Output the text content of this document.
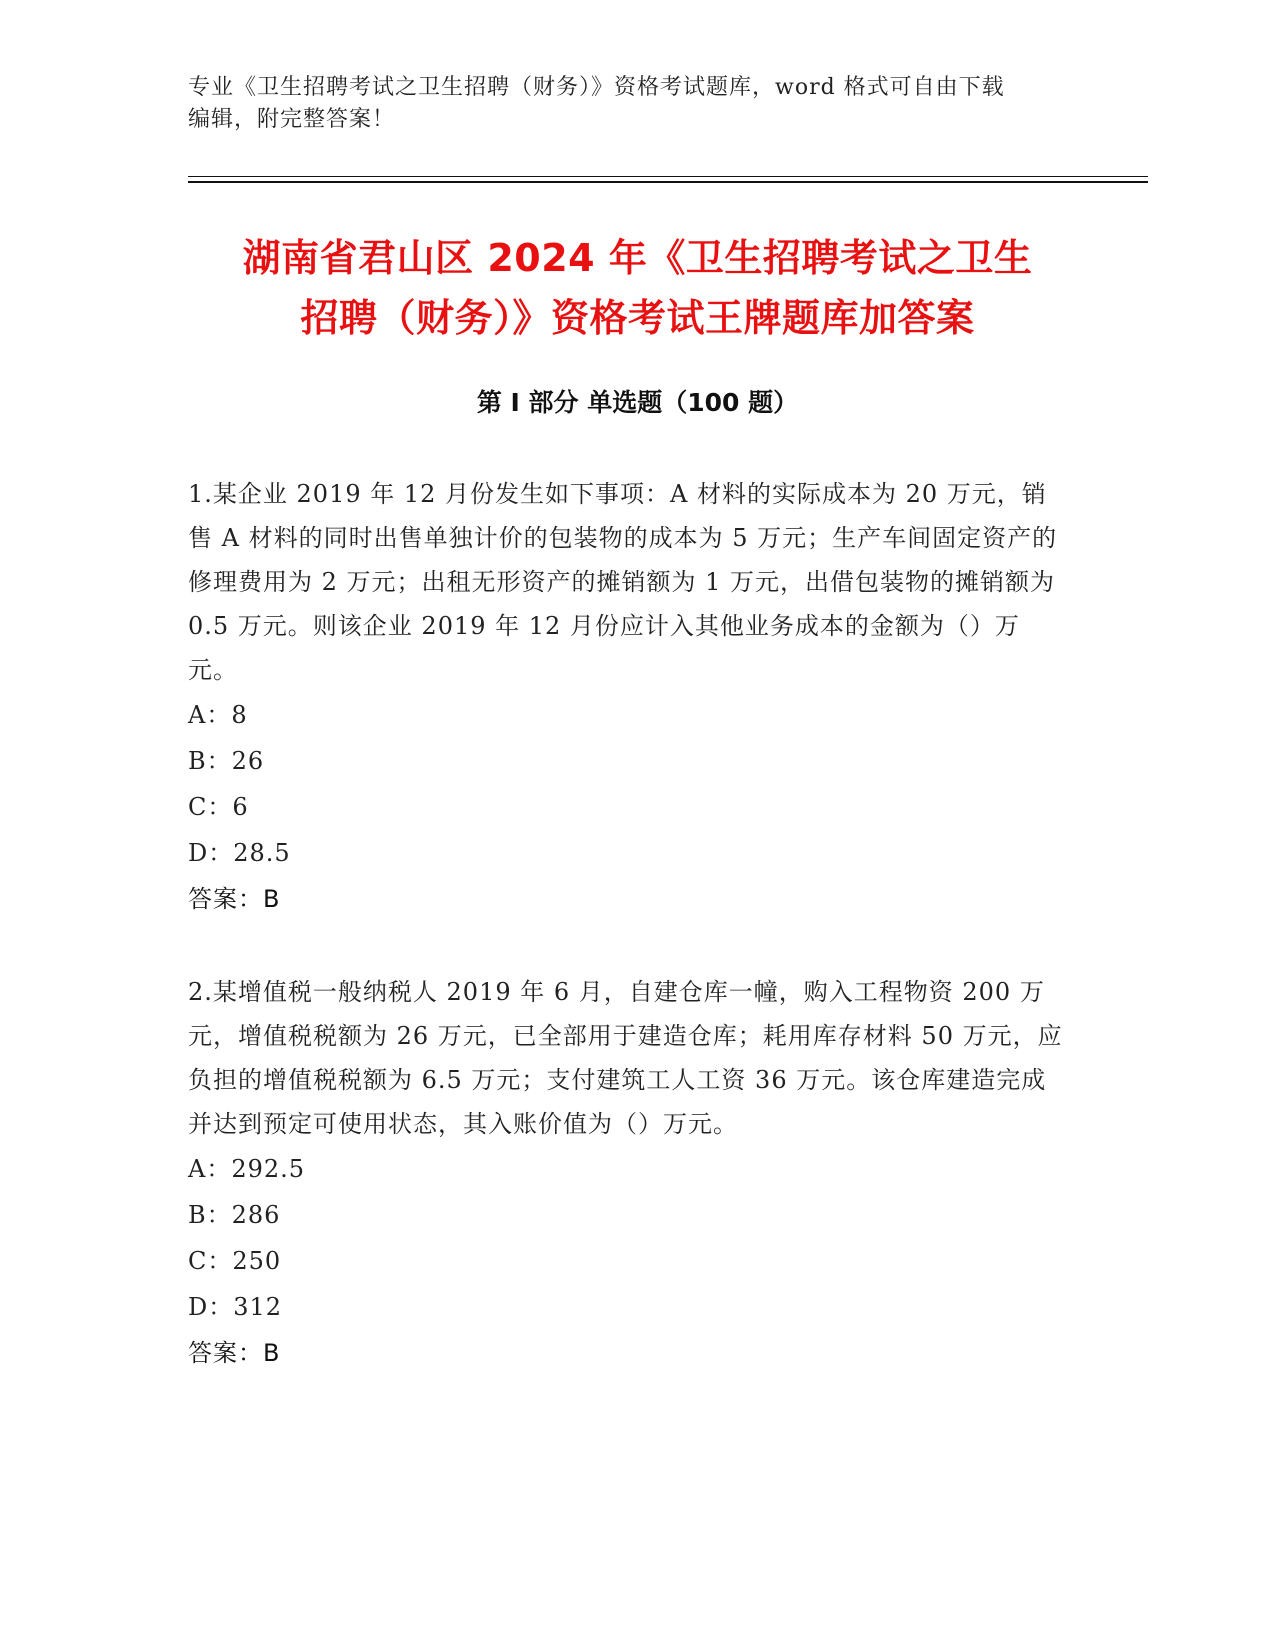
专业《卫生招聘考试之卫生招聘（财务）》资格考试题库，word 格式可自由下载
编辑，附完整答案！
湖南省君山区 2024 年《卫生招聘考试之卫生
招聘（财务）》资格考试王牌题库加答案
第 I 部分 单选题（100 题）

1.某企业 2019 年 12 月份发生如下事项：A 材料的实际成本为 20 万元，销售 A 材料的同时出售单独计价的包装物的成本为 5 万元；生产车间固定资产的修理费用为 2 万元；出租无形资产的摊销额为 1 万元，出借包装物的摊销额为 0.5 万元。则该企业 2019 年 12 月份应计入其他业务成本的金额为（）万元。

A：8
B：26
C：6
D：28.5
答案：B

2.某增值税一般纳税人 2019 年 6 月，自建仓库一幢，购入工程物资 200 万元，增值税税额为 26 万元，已全部用于建造仓库；耗用库存材料 50 万元，应负担的增值税税额为 6.5 万元；支付建筑工人工资 36 万元。该仓库建造完成并达到预定可使用状态，其入账价值为（）万元。

A：292.5
B：286
C：250
D：312
答案：B
